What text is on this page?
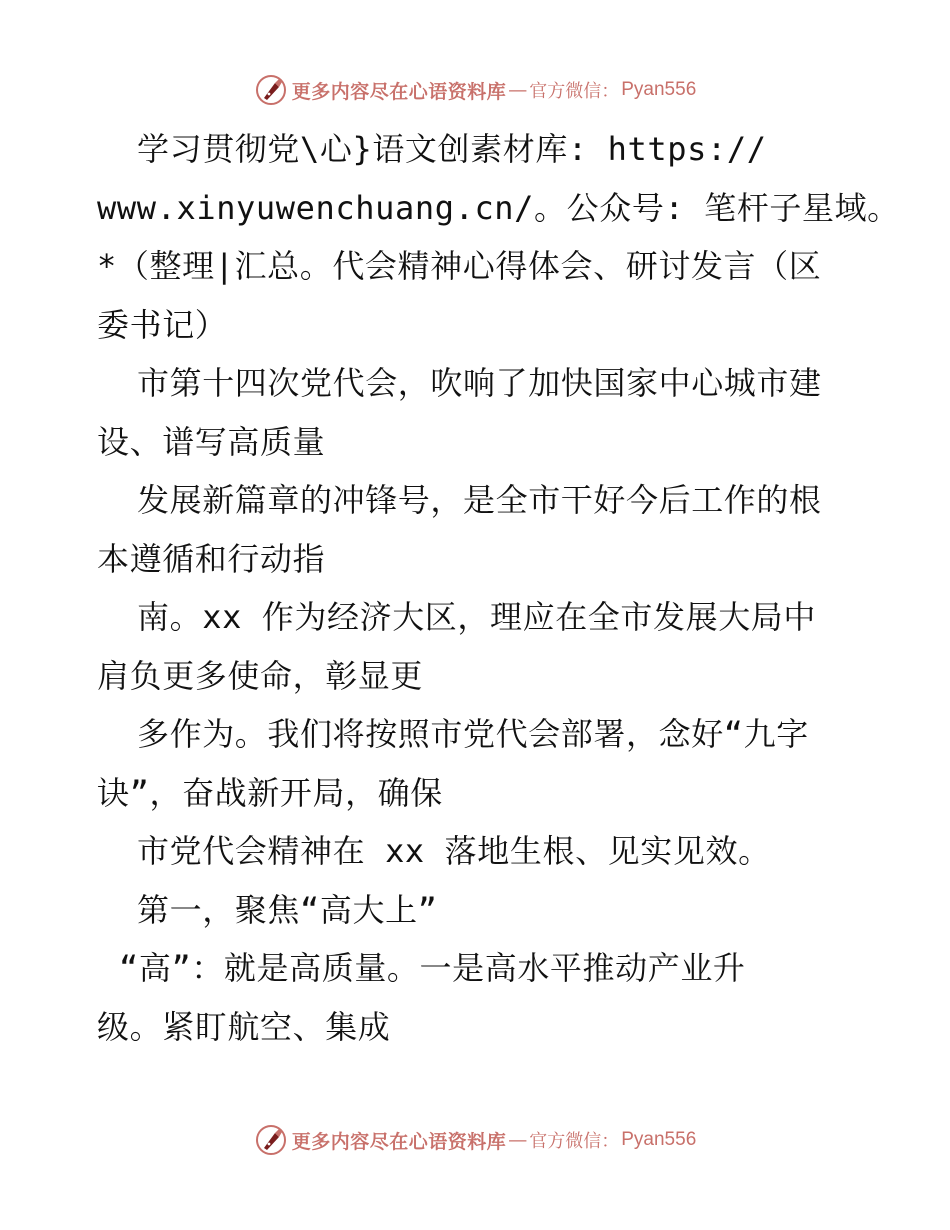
更多内容尽在心语资料库 — 官方微信： Pyan556
学习贯彻党\心}语文创素材库: https://
www.xinyuwenchuang.cn/。公众号: 笔杆子星域。
*（整理|汇总。代会精神心得体会、研讨发言（区
委书记）
市第十四次党代会，吹响了加快国家中心城市建
设、谱写高质量
发展新篇章的冲锋号，是全市干好今后工作的根
本遵循和行动指
南。xx 作为经济大区，理应在全市发展大局中
肩负更多使命，彰显更
多作为。我们将按照市党代会部署，念好“九字
诀”，奋战新开局，确保
市党代会精神在 xx 落地生根、见实见效。
第一，聚焦“高大上”
“高”：就是高质量。一是高水平推动产业升
级。紧盯航空、集成
更多内容尽在心语资料库 — 官方微信： Pyan556
